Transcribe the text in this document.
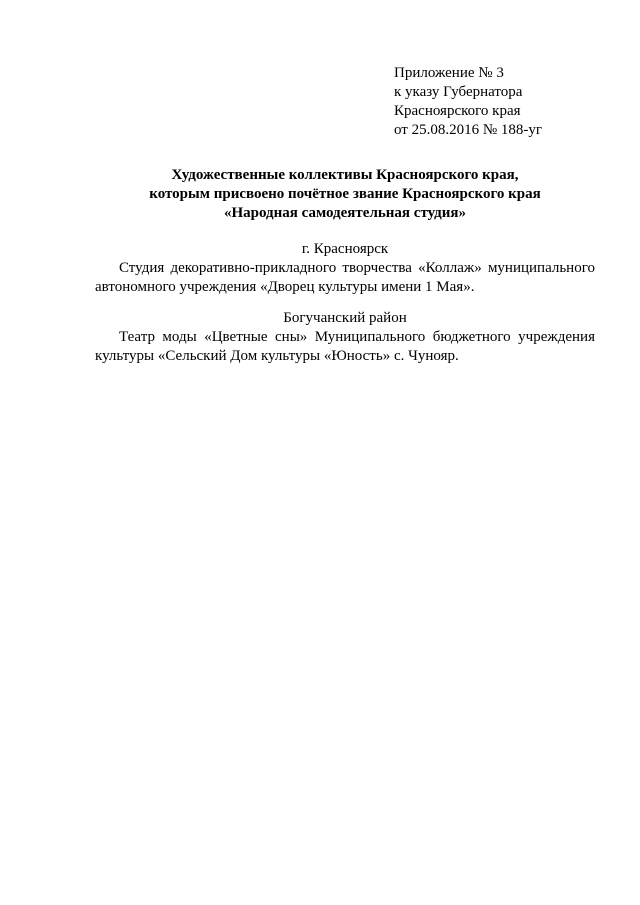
Приложение № 3
к указу Губернатора
Красноярского края
от 25.08.2016 № 188-уг
Художественные коллективы Красноярского края,
которым присвоено почётное звание Красноярского края
«Народная самодеятельная студия»
г. Красноярск
Студия декоративно-прикладного творчества «Коллаж» муниципального автономного учреждения «Дворец культуры имени 1 Мая».
Богучанский район
Театр моды «Цветные сны» Муниципального бюджетного учреждения культуры «Сельский Дом культуры «Юность» с. Чунояр.
